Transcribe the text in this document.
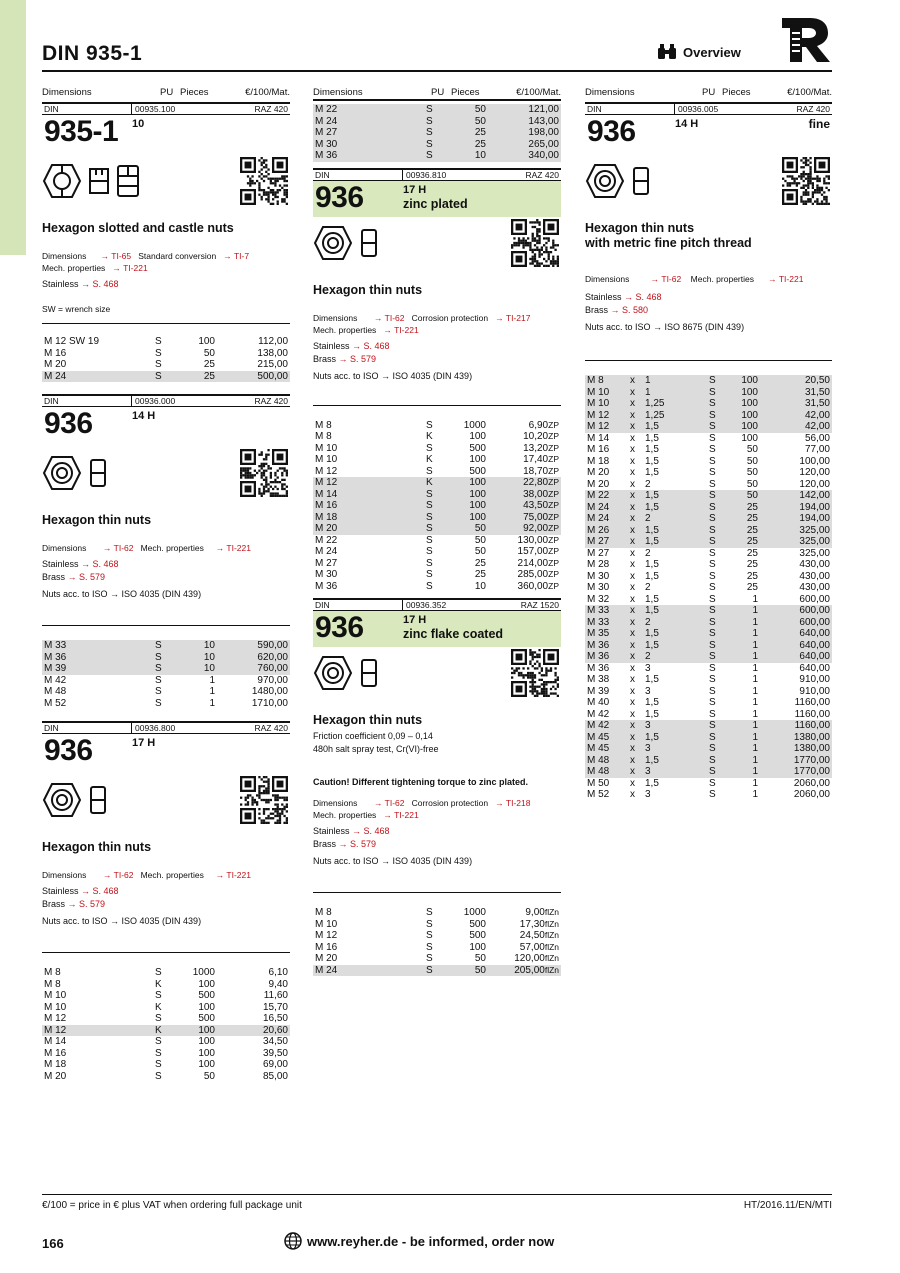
DIN 935-1	Overview
Dimensions	PU Pieces	€/100/Mat.
DIN	00935.100	RAZ 420
935-1	10
Hexagon slotted and castle nuts
Dimensions → TI-65 Standard conversion → TI-7
Mech. properties → TI-221
Stainless → S. 468
SW = wrench size
M 12 SW 19	S	100	112,00
M 16	S	50	138,00
M 20	S	25	215,00
M 24	S	25	500,00
DIN	00936.000	RAZ 420
936	14 H
Hexagon thin nuts
Dimensions → TI-62 Mech. properties → TI-221
Stainless → S. 468
Brass → S. 579
Nuts acc. to ISO → ISO 4035 (DIN 439)
M 33	S	10	590,00
M 36	S	10	620,00
M 39	S	10	760,00
M 42	S	1	970,00
M 48	S	1	1480,00
M 52	S	1	1710,00
DIN	00936.800	RAZ 420
936	17 H
Hexagon thin nuts
Dimensions → TI-62 Mech. properties → TI-221
Stainless → S. 468
Brass → S. 579
Nuts acc. to ISO → ISO 4035 (DIN 439)
M 8	S	1000	6,10
M 8	K	100	9,40
M 10	S	500	11,60
M 10	K	100	15,70
M 12	S	500	16,50
M 12	K	100	20,60
M 14	S	100	34,50
M 16	S	100	39,50
M 18	S	100	69,00
M 20	S	50	85,00
Dimensions	PU Pieces	€/100/Mat.
M 22	S	50	121,00
M 24	S	50	143,00
M 27	S	25	198,00
M 30	S	25	265,00
M 36	S	10	340,00
DIN	00936.810	RAZ 420
936	17 H
zinc plated
Hexagon thin nuts
Dimensions → TI-62 Corrosion protection → TI-217
Mech. properties → TI-221
Stainless → S. 468
Brass → S. 579
Nuts acc. to ISO → ISO 4035 (DIN 439)
M 8	S	1000	6,90ZP
M 8	K	100	10,20ZP
M 10	S	500	13,20ZP
M 10	K	100	17,40ZP
M 12	S	500	18,70ZP
M 12	K	100	22,80ZP
M 14	S	100	38,00ZP
M 16	S	100	43,50ZP
M 18	S	100	75,00ZP
M 20	S	50	92,00ZP
M 22	S	50	130,00ZP
M 24	S	50	157,00ZP
M 27	S	25	214,00ZP
M 30	S	25	285,00ZP
M 36	S	10	360,00ZP
DIN	00936.352	RAZ 1520
936	17 H
zinc flake coated
Hexagon thin nuts
Friction coefficient 0,09 – 0,14
480h salt spray test, Cr(VI)-free
Caution! Different tightening torque to zinc plated.
Dimensions → TI-62 Corrosion protection → TI-218
Mech. properties → TI-221
Stainless → S. 468
Brass → S. 579
Nuts acc. to ISO → ISO 4035 (DIN 439)
M 8	S	1000	9,00flZn
M 10	S	500	17,30flZn
M 12	S	500	24,50flZn
M 16	S	100	57,00flZn
M 20	S	50	120,00flZn
M 24	S	50	205,00flZn
Dimensions	PU Pieces	€/100/Mat.
DIN	00936.005	RAZ 420
936	14 H	fine
Hexagon thin nuts
with metric fine pitch thread
Dimensions	→ TI-62 Mech. properties → TI-221
Stainless → S. 468
Brass → S. 580
Nuts acc. to ISO → ISO 8675 (DIN 439)
M 8	x	1	S	100	20,50
M 10	x	1	S	100	31,50
M 10	x	1,25	S	100	31,50
M 12	x	1,25	S	100	42,00
M 12	x	1,5	S	100	42,00
M 14	x	1,5	S	100	56,00
M 16	x	1,5	S	50	77,00
M 18	x	1,5	S	50	100,00
M 20	x	1,5	S	50	120,00
M 20	x	2	S	50	120,00
M 22	x	1,5	S	50	142,00
M 24	x	1,5	S	25	194,00
M 24	x	2	S	25	194,00
M 26	x	1,5	S	25	325,00
M 27	x	1,5	S	25	325,00
M 27	x	2	S	25	325,00
M 28	x	1,5	S	25	430,00
M 30	x	1,5	S	25	430,00
M 30	x	2	S	25	430,00
M 32	x	1,5	S	1	600,00
M 33	x	1,5	S	1	600,00
M 33	x	2	S	1	600,00
M 35	x	1,5	S	1	640,00
M 36	x	1,5	S	1	640,00
M 36	x	2	S	1	640,00
M 36	x	3	S	1	640,00
M 38	x	1,5	S	1	910,00
M 39	x	3	S	1	910,00
M 40	x	1,5	S	1	1160,00
M 42	x	1,5	S	1	1160,00
M 42	x	3	S	1	1160,00
M 45	x	1,5	S	1	1380,00
M 45	x	3	S	1	1380,00
M 48	x	1,5	S	1	1770,00
M 48	x	3	S	1	1770,00
M 50	x	1,5	S	1	2060,00
M 52	x	3	S	1	2060,00
€/100 = price in € plus VAT when ordering full package unit	HT/2016.11/EN/MTI
166	www.reyher.de - be informed, order now
